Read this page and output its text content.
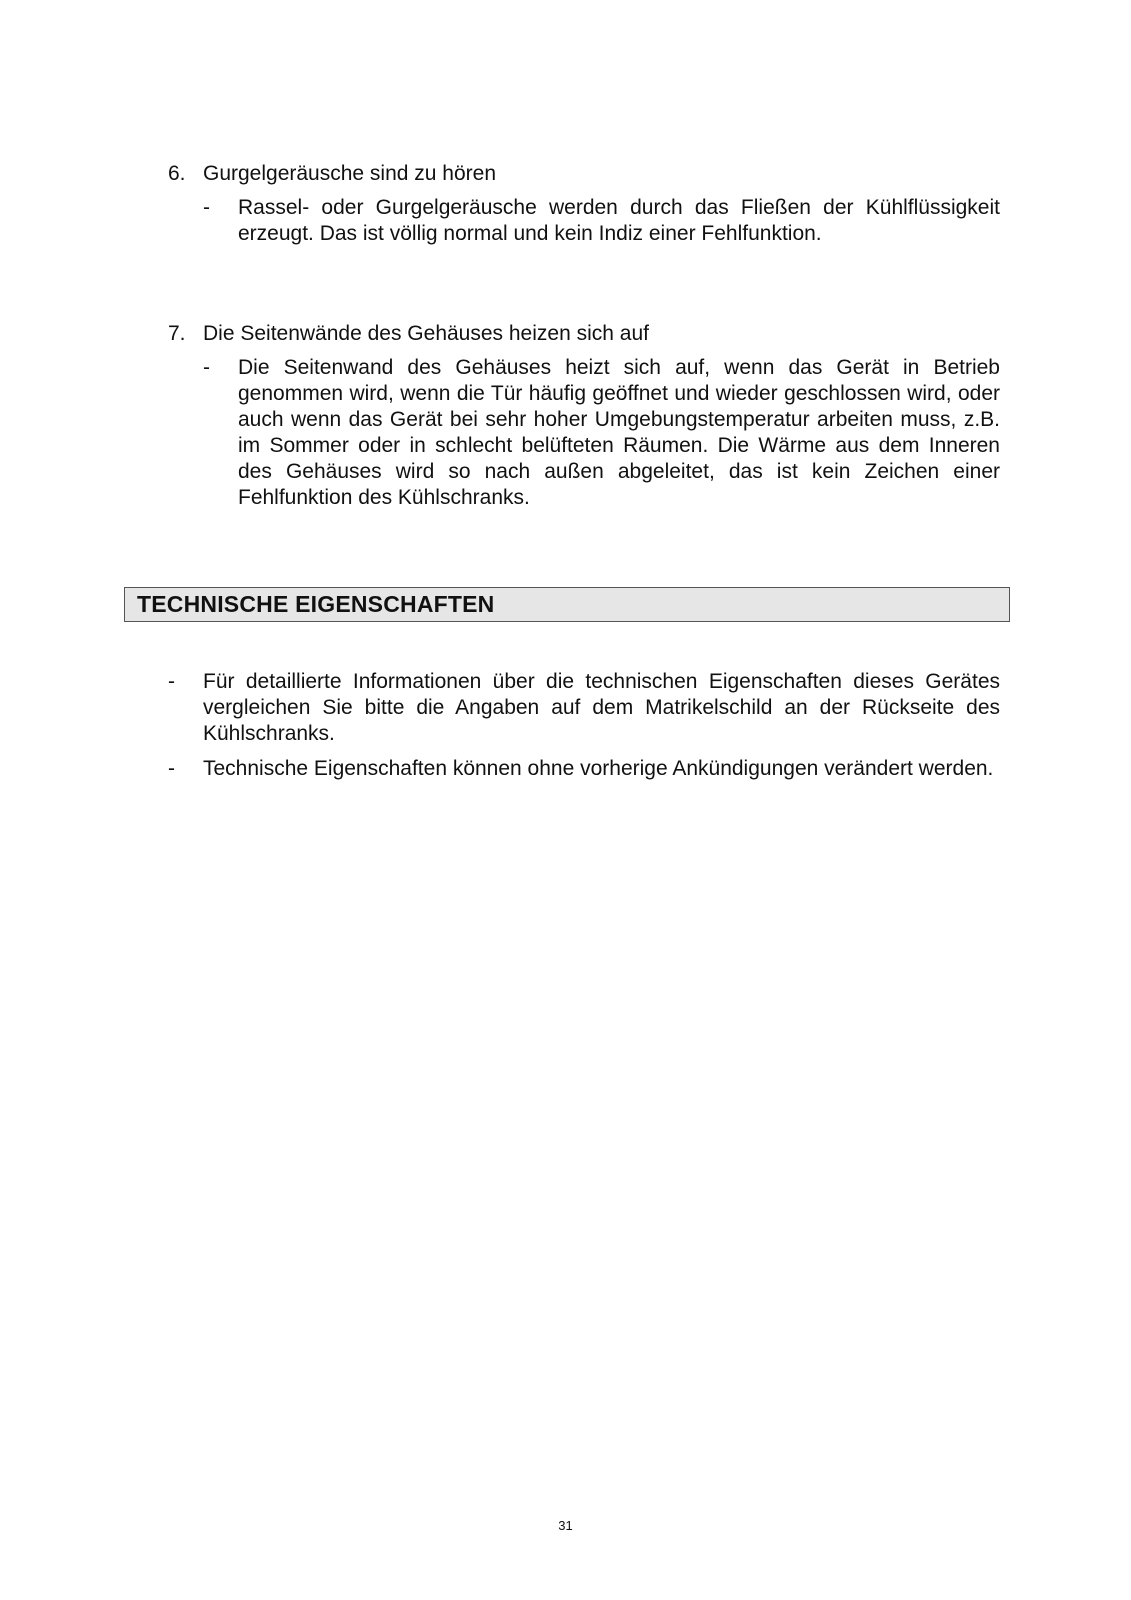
6. Gurgelgeräusche sind zu hören
-	Rassel- oder Gurgelgeräusche werden durch das Fließen der Kühlflüssigkeit erzeugt. Das ist völlig normal und kein Indiz einer Fehlfunktion.
7. Die Seitenwände des Gehäuses heizen sich auf
-	Die Seitenwand des Gehäuses heizt sich auf, wenn das Gerät in Betrieb genommen wird, wenn die Tür häufig geöffnet und wieder geschlossen wird, oder auch wenn das Gerät bei sehr hoher Umgebungstemperatur arbeiten muss, z.B. im Sommer oder in schlecht belüfteten Räumen. Die Wärme aus dem Inneren des Gehäuses wird so nach außen abgeleitet, das ist kein Zeichen einer Fehlfunktion des Kühlschranks.
TECHNISCHE EIGENSCHAFTEN
-	Für detaillierte Informationen über die technischen Eigenschaften dieses Gerätes vergleichen Sie bitte die Angaben auf dem Matrikelschild an der Rückseite des Kühlschranks.
-	Technische Eigenschaften können ohne vorherige Ankündigungen verändert werden.
31
